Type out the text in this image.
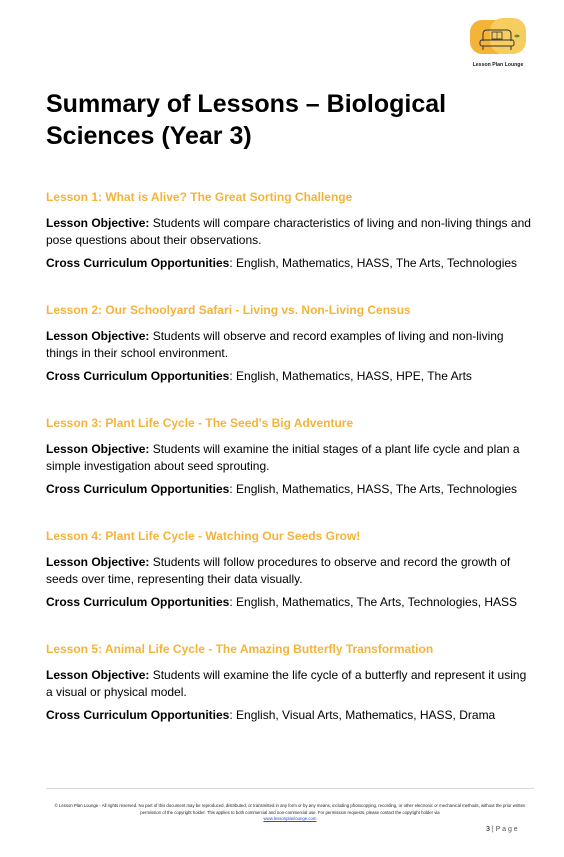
Lesson Plan Lounge
Summary of Lessons – Biological Sciences (Year 3)

Lesson 1: What is Alive? The Great Sorting Challenge

Lesson Objective: Students will compare characteristics of living and non-living things and pose questions about their observations.

Cross Curriculum Opportunities: English, Mathematics, HASS, The Arts, Technologies

Lesson 2: Our Schoolyard Safari - Living vs. Non-Living Census

Lesson Objective: Students will observe and record examples of living and non-living things in their school environment.

Cross Curriculum Opportunities: English, Mathematics, HASS, HPE, The Arts

Lesson 3: Plant Life Cycle - The Seed's Big Adventure

Lesson Objective: Students will examine the initial stages of a plant life cycle and plan a simple investigation about seed sprouting.

Cross Curriculum Opportunities: English, Mathematics, HASS, The Arts, Technologies

Lesson 4: Plant Life Cycle - Watching Our Seeds Grow!

Lesson Objective: Students will follow procedures to observe and record the growth of seeds over time, representing their data visually.

Cross Curriculum Opportunities: English, Mathematics, The Arts, Technologies, HASS

Lesson 5: Animal Life Cycle - The Amazing Butterfly Transformation

Lesson Objective: Students will examine the life cycle of a butterfly and represent it using a visual or physical model.

Cross Curriculum Opportunities: English, Visual Arts, Mathematics, HASS, Drama

© Lesson Plan Lounge - All rights reserved. No part of this document may be reproduced, distributed, or transmitted in any form or by any means, including photocopying, recording, or other electronic or mechanical methods, without the prior written permission of the copyright holder. This applies to both commercial and non-commercial use. For permission requests, please contact the copyright holder via
www.lessonplanlounge.com
3 | P a g e
